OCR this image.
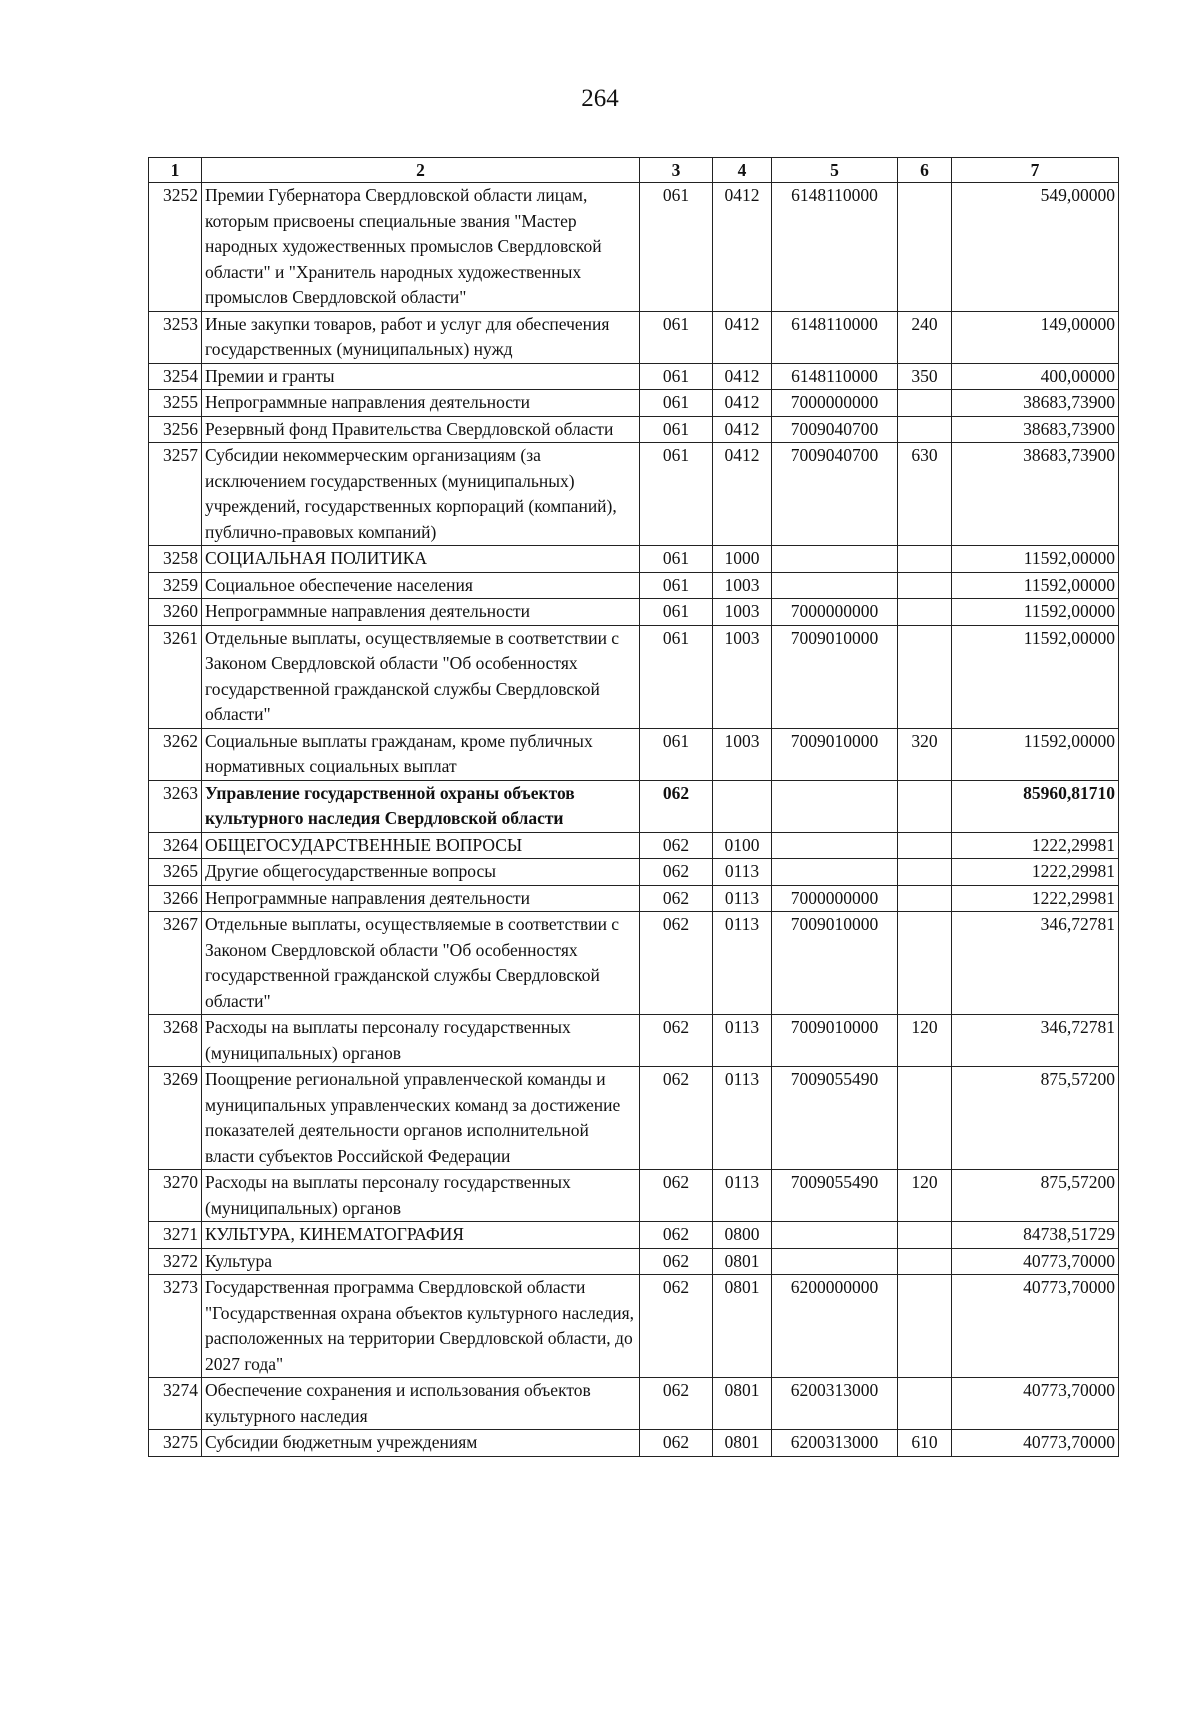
264
1	2	3	4	5	6	7
3252	Премии Губернатора Свердловской области лицам, которым присвоены специальные звания "Мастер народных художественных промыслов Свердловской области" и "Хранитель народных художественных промыслов Свердловской области"	061	0412	6148110000		549,00000
3253	Иные закупки товаров, работ и услуг для обеспечения государственных (муниципальных) нужд	061	0412	6148110000	240	149,00000
3254	Премии и гранты	061	0412	6148110000	350	400,00000
3255	Непрограммные направления деятельности	061	0412	7000000000		38683,73900
3256	Резервный фонд Правительства Свердловской области	061	0412	7009040700		38683,73900
3257	Субсидии некоммерческим организациям (за исключением государственных (муниципальных) учреждений, государственных корпораций (компаний), публично-правовых компаний)	061	0412	7009040700	630	38683,73900
3258	СОЦИАЛЬНАЯ ПОЛИТИКА	061	1000			11592,00000
3259	Социальное обеспечение населения	061	1003			11592,00000
3260	Непрограммные направления деятельности	061	1003	7000000000		11592,00000
3261	Отдельные выплаты, осуществляемые в соответствии с Законом Свердловской области "Об особенностях государственной гражданской службы Свердловской области"	061	1003	7009010000		11592,00000
3262	Социальные выплаты гражданам, кроме публичных нормативных социальных выплат	061	1003	7009010000	320	11592,00000
3263	Управление государственной охраны объектов культурного наследия Свердловской области	062				85960,81710
3264	ОБЩЕГОСУДАРСТВЕННЫЕ ВОПРОСЫ	062	0100			1222,29981
3265	Другие общегосударственные вопросы	062	0113			1222,29981
3266	Непрограммные направления деятельности	062	0113	7000000000		1222,29981
3267	Отдельные выплаты, осуществляемые в соответствии с Законом Свердловской области "Об особенностях государственной гражданской службы Свердловской области"	062	0113	7009010000		346,72781
3268	Расходы на выплаты персоналу государственных (муниципальных) органов	062	0113	7009010000	120	346,72781
3269	Поощрение региональной управленческой команды и муниципальных управленческих команд за достижение показателей деятельности органов исполнительной власти субъектов Российской Федерации	062	0113	7009055490		875,57200
3270	Расходы на выплаты персоналу государственных (муниципальных) органов	062	0113	7009055490	120	875,57200
3271	КУЛЬТУРА, КИНЕМАТОГРАФИЯ	062	0800			84738,51729
3272	Культура	062	0801			40773,70000
3273	Государственная программа Свердловской области "Государственная охрана объектов культурного наследия, расположенных на территории Свердловской области, до 2027 года"	062	0801	6200000000		40773,70000
3274	Обеспечение сохранения и использования объектов культурного наследия	062	0801	6200313000		40773,70000
3275	Субсидии бюджетным учреждениям	062	0801	6200313000	610	40773,70000
